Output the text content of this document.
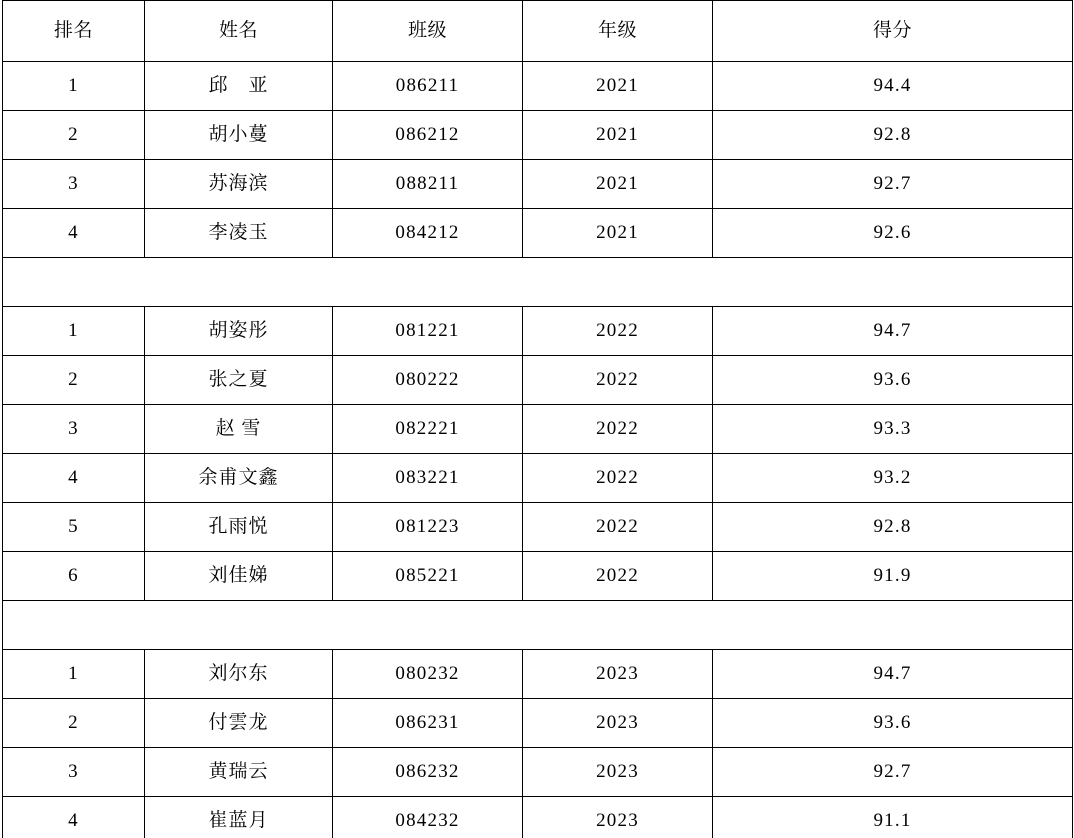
排名	姓名	班级	年级	得分
1	邱　亚	086211	2021	94.4
2	胡小蔓	086212	2021	92.8
3	苏海滨	088211	2021	92.7
4	李凌玉	084212	2021	92.6

1	胡姿彤	081221	2022	94.7
2	张之夏	080222	2022	93.6
3	赵 雪	082221	2022	93.3
4	余甫文鑫	083221	2022	93.2
5	孔雨悦	081223	2022	92.8
6	刘佳娣	085221	2022	91.9

1	刘尔东	080232	2023	94.7
2	付雲龙	086231	2023	93.6
3	黄瑞云	086232	2023	92.7
4	崔蓝月	084232	2023	91.1
